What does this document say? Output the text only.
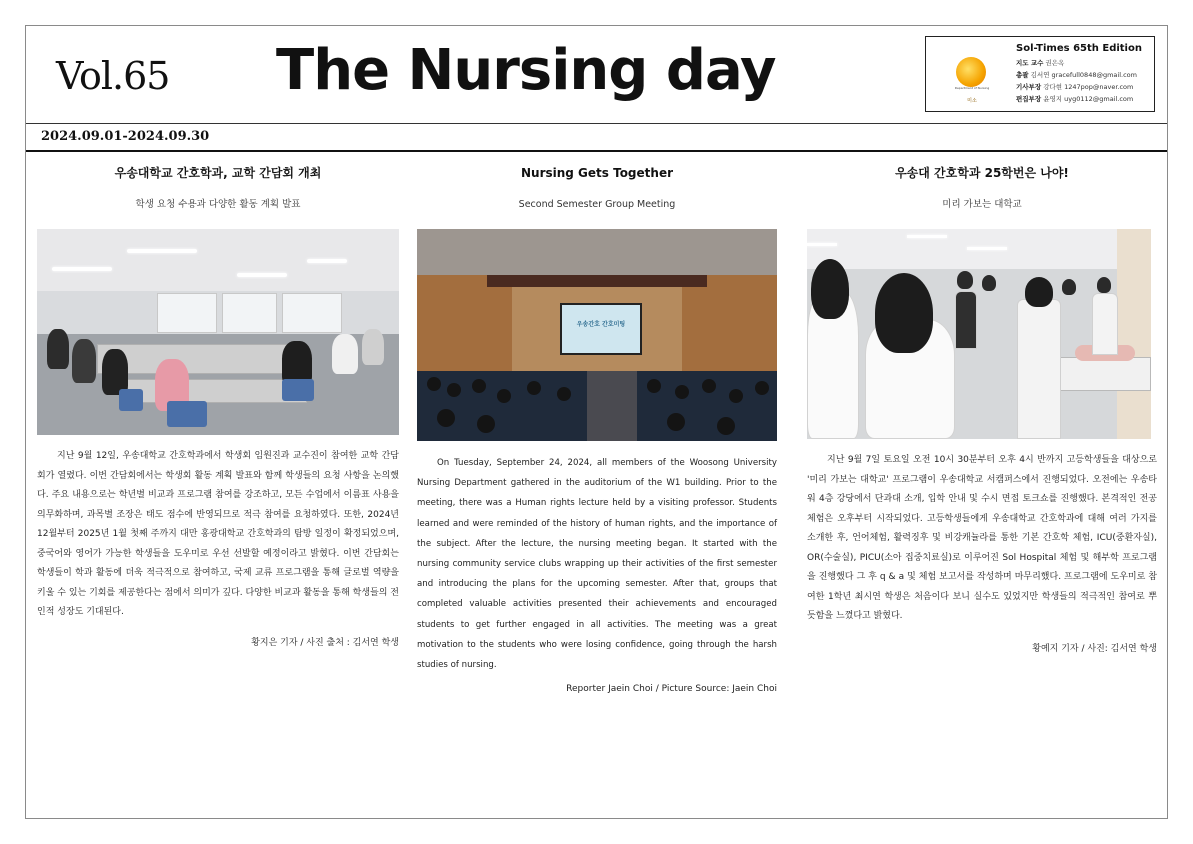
Vol.65 The Nursing day	Department of Nursing
미소
Sol-Times 65th Edition
지도 교수 권은옥
총괄 김서연 gracefull0848@gmail.com
기사부장 강다현 1247pop@naver.com
편집부장 윤영지 uyg0112@gmail.com
2024.09.01-2024.09.30
우송대학교 간호학과, 교학 간담회 개최
학생 요청 수용과 다양한 활동 계획 발표
지난 9월 12일, 우송대학교 간호학과에서 학생회 임원진과 교수진이 참여한 교학 간담회가 열렸다. 이번 간담회에서는 학생회 활동 계획 발표와 함께 학생들의 요청 사항을 논의했다. 주요 내용으로는 학년별 비교과 프로그램 참여를 강조하고, 모든 수업에서 이름표 사용을 의무화하며, 과목별 조장은 태도 점수에 반영되므로 적극 참여를 요청하였다. 또한, 2024년 12월부터 2025년 1월 첫째 주까지 대만 홍광대학교 간호학과의 탐방 일정이 확정되었으며, 중국어와 영어가 가능한 학생들을 도우미로 우선 선발할 예정이라고 밝혔다. 이번 간담회는 학생들이 학과 활동에 더욱 적극적으로 참여하고, 국제 교류 프로그램을 통해 글로벌 역량을 키울 수 있는 기회를 제공한다는 점에서 의미가 깊다. 다양한 비교과 활동을 통해 학생들의 전인적 성장도 기대된다.
황지은 기자 / 사진 출처 : 김서연 학생
Nursing Gets Together
Second Semester Group Meeting
우송간호 간호미팅
On Tuesday, September 24, 2024, all members of the Woosong University Nursing Department gathered in the auditorium of the W1 building. Prior to the meeting, there was a Human rights lecture held by a visiting professor. Students learned and were reminded of the history of human rights, and the importance of the subject. After the lecture, the nursing meeting began. It started with the nursing community service clubs wrapping up their activities of the first semester and introducing the plans for the upcoming semester. After that, groups that completed valuable activities presented their achievements and encouraged students to get further engaged in all activities. The meeting was a great motivation to the students who were losing confidence, going through the harsh studies of nursing.
Reporter Jaein Choi / Picture Source: Jaein Choi
우송대 간호학과 25학번은 나야!
미리 가보는 대학교
지난 9월 7일 토요일 오전 10시 30분부터 오후 4시 반까지 고등학생들을 대상으로 '미리 가보는 대학교' 프로그램이 우송대학교 서캠퍼스에서 진행되었다. 오전에는 우송타워 4층 강당에서 단과대 소개, 입학 안내 및 수시 면접 토크쇼를 진행했다. 본격적인 전공 체험은 오후부터 시작되었다. 고등학생들에게 우송대학교 간호학과에 대해 여러 가지를 소개한 후, 언어체험, 활력징후 및 비강캐뉼라를 통한 기본 간호학 체험, ICU(중환자실), OR(수술실), PICU(소아 집중치료실)로 이루어진 Sol Hospital 체험 및 해부학 프로그램을 진행했다 그 후 q & a 및 체험 보고서를 작성하며 마무리했다. 프로그램에 도우미로 참여한 1학년 최시연 학생은 처음이다 보니 실수도 있었지만 학생들의 적극적인 참여로 뿌듯함을 느꼈다고 밝혔다.
황예지 기자 / 사진: 김서연 학생
